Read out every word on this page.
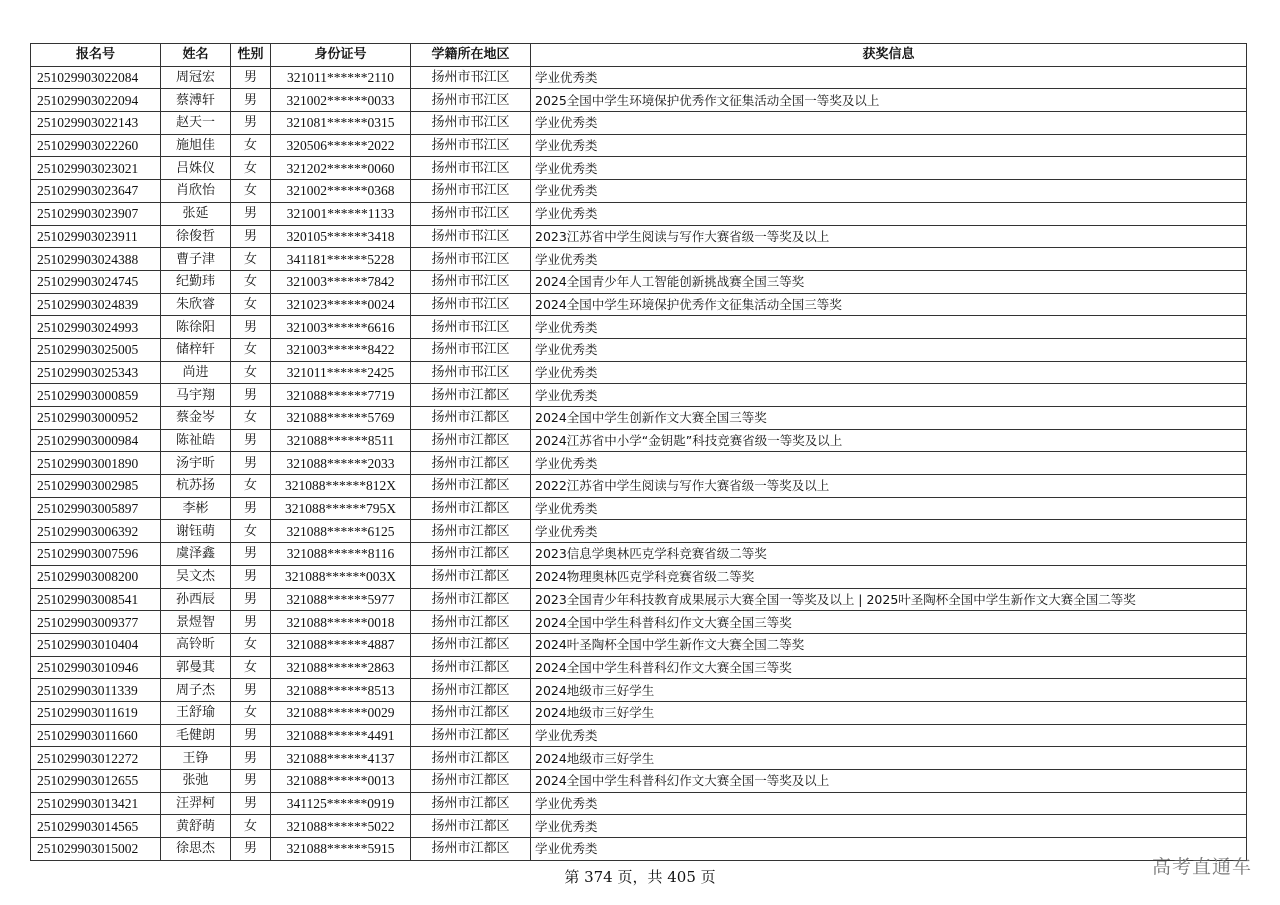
报名号	姓名	性别	身份证号	学籍所在地区	获奖信息
251029903022084	周冠宏	男	321011******2110	扬州市邗江区	学业优秀类
251029903022094	蔡溥轩	男	321002******0033	扬州市邗江区	2025全国中学生环境保护优秀作文征集活动全国一等奖及以上
251029903022143	赵天一	男	321081******0315	扬州市邗江区	学业优秀类
251029903022260	施旭佳	女	320506******2022	扬州市邗江区	学业优秀类
251029903023021	吕姝仪	女	321202******0060	扬州市邗江区	学业优秀类
251029903023647	肖欣怡	女	321002******0368	扬州市邗江区	学业优秀类
251029903023907	张延	男	321001******1133	扬州市邗江区	学业优秀类
251029903023911	徐俊哲	男	320105******3418	扬州市邗江区	2023江苏省中学生阅读与写作大赛省级一等奖及以上
251029903024388	曹子津	女	341181******5228	扬州市邗江区	学业优秀类
251029903024745	纪勤玮	女	321003******7842	扬州市邗江区	2024全国青少年人工智能创新挑战赛全国三等奖
251029903024839	朱欣睿	女	321023******0024	扬州市邗江区	2024全国中学生环境保护优秀作文征集活动全国三等奖
251029903024993	陈徐阳	男	321003******6616	扬州市邗江区	学业优秀类
251029903025005	储梓轩	女	321003******8422	扬州市邗江区	学业优秀类
251029903025343	尚进	女	321011******2425	扬州市邗江区	学业优秀类
251029903000859	马宇翔	男	321088******7719	扬州市江都区	学业优秀类
251029903000952	蔡金岑	女	321088******5769	扬州市江都区	2024全国中学生创新作文大赛全国三等奖
251029903000984	陈祉皓	男	321088******8511	扬州市江都区	2024江苏省中小学“金钥匙”科技竞赛省级一等奖及以上
251029903001890	汤宇昕	男	321088******2033	扬州市江都区	学业优秀类
251029903002985	杭苏扬	女	321088******812X	扬州市江都区	2022江苏省中学生阅读与写作大赛省级一等奖及以上
251029903005897	李彬	男	321088******795X	扬州市江都区	学业优秀类
251029903006392	谢钰萌	女	321088******6125	扬州市江都区	学业优秀类
251029903007596	虞泽鑫	男	321088******8116	扬州市江都区	2023信息学奥林匹克学科竞赛省级二等奖
251029903008200	吴文杰	男	321088******003X	扬州市江都区	2024物理奥林匹克学科竞赛省级二等奖
251029903008541	孙西辰	男	321088******5977	扬州市江都区	2023全国青少年科技教育成果展示大赛全国一等奖及以上 | 2025叶圣陶杯全国中学生新作文大赛全国二等奖
251029903009377	景煜智	男	321088******0018	扬州市江都区	2024全国中学生科普科幻作文大赛全国三等奖
251029903010404	高铃昕	女	321088******4887	扬州市江都区	2024叶圣陶杯全国中学生新作文大赛全国二等奖
251029903010946	郭曼萁	女	321088******2863	扬州市江都区	2024全国中学生科普科幻作文大赛全国三等奖
251029903011339	周子杰	男	321088******8513	扬州市江都区	2024地级市三好学生
251029903011619	王舒瑜	女	321088******0029	扬州市江都区	2024地级市三好学生
251029903011660	毛健朗	男	321088******4491	扬州市江都区	学业优秀类
251029903012272	王铮	男	321088******4137	扬州市江都区	2024地级市三好学生
251029903012655	张弛	男	321088******0013	扬州市江都区	2024全国中学生科普科幻作文大赛全国一等奖及以上
251029903013421	汪羿柯	男	341125******0919	扬州市江都区	学业优秀类
251029903014565	黄舒萌	女	321088******5022	扬州市江都区	学业优秀类
251029903015002	徐思杰	男	321088******5915	扬州市江都区	学业优秀类
第 374 页，共 405 页	高考直通车
